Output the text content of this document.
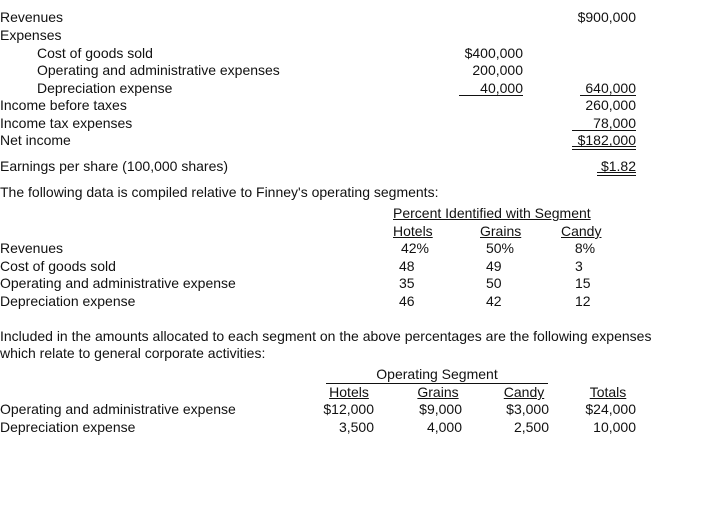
Revenues	$900,000
Expenses
Cost of goods sold	$400,000
Operating and administrative expenses	200,000
Depreciation expense	40,000	640,000
Income before taxes	260,000
Income tax expenses	78,000
Net income	$182,000
Earnings per share (100,000 shares)	$1.82
The following data is compiled relative to Finney's operating segments:
Percent Identified with Segment
Hotels	Grains	Candy
Revenues	42%	50%	8%
Cost of goods sold	48	49	3
Operating and administrative expense	35	50	15
Depreciation expense	46	42	12
Included in the amounts allocated to each segment on the above percentages are the following expenses
which relate to general corporate activities:
Operating Segment
Hotels	Grains	Candy	Totals
Operating and administrative expense	$12,000	$9,000	$3,000	$24,000
Depreciation expense	3,500	4,000	2,500	10,000
